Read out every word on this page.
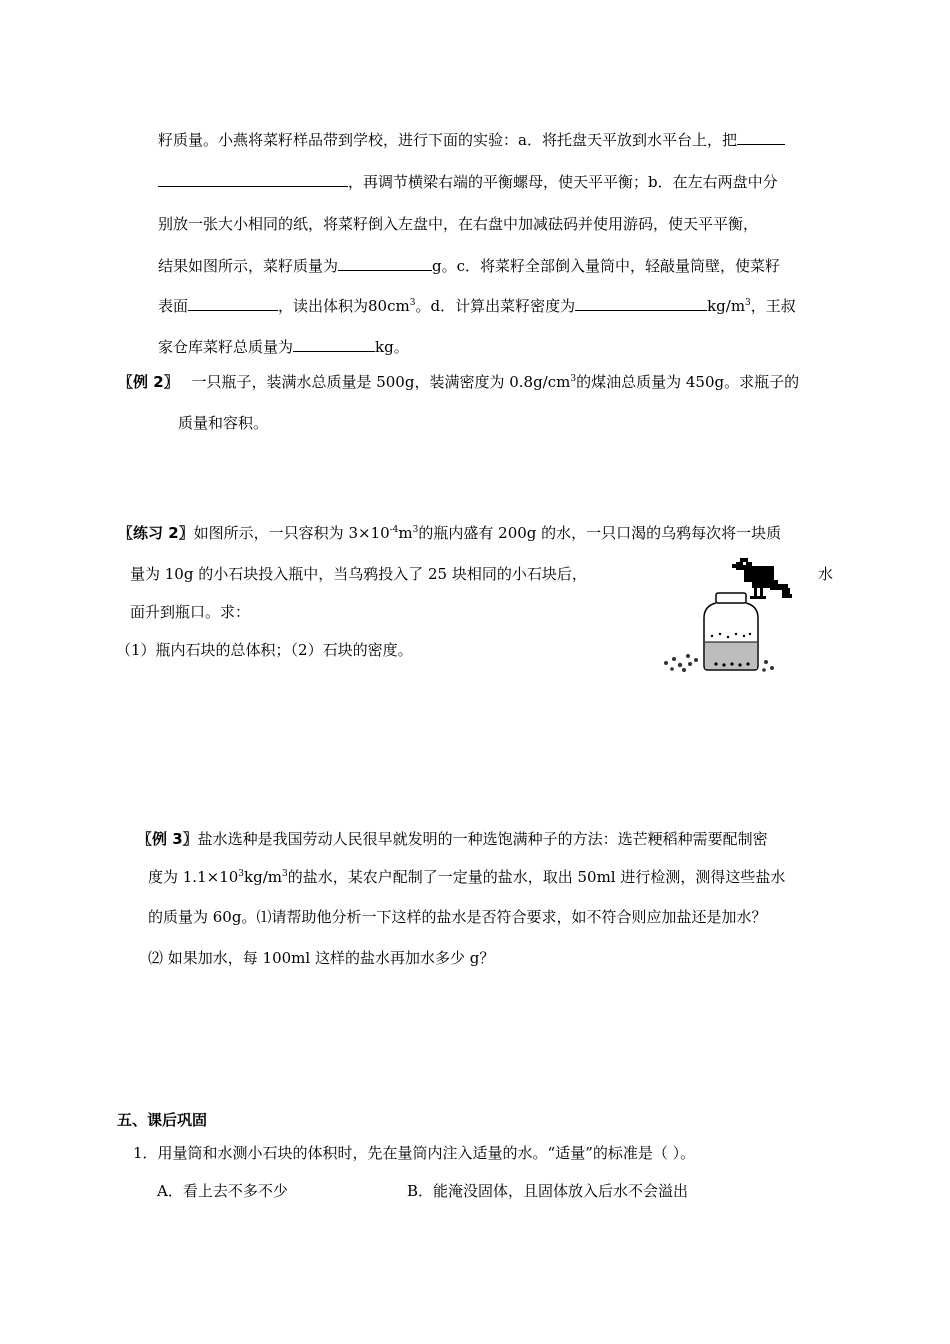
籽质量。小燕将菜籽样品带到学校，进行下面的实验：a．将托盘天平放到水平台上，把
，再调节横梁右端的平衡螺母，使天平平衡；b．在左右两盘中分
别放一张大小相同的纸，将菜籽倒入左盘中，在右盘中加减砝码并使用游码，使天平平衡，
结果如图所示，菜籽质量为	g。c．将菜籽全部倒入量筒中，轻敲量筒壁，使菜籽
表面	，读出体积为$80cm^3$。d．计算出菜籽密度为	$kg/m^3$，王叔
家仓库菜籽总质量为	kg。
〖例 2〗 一只瓶子，装满水总质量是 500g，装满密度为 $0.8g/cm^3$的煤油总质量为 450g。求瓶子的
质量和容积。
〖练习 2〗如图所示，一只容积为 $3\times 10^{-4}m^3$的瓶内盛有 200g 的水，一只口渴的乌鸦每次将一块质
量为 10g 的小石块投入瓶中，当乌鸦投入了 25 块相同的小石块后，	水
面升到瓶口。求：
（1）瓶内石块的总体积；（2）石块的密度。
〖例 3〗盐水选种是我国劳动人民很早就发明的一种选饱满种子的方法：选芒粳稻种需要配制密
度为 $1.1\times 10^3kg/m^3$的盐水，某农户配制了一定量的盐水，取出 50ml 进行检测，测得这些盐水
的质量为 60g。⑴请帮助他分析一下这样的盐水是否符合要求，如不符合则应加盐还是加水？
⑵ 如果加水，每 100ml 这样的盐水再加水多少 g？
五、课后巩固
1．用量筒和水测小石块的体积时，先在量筒内注入适量的水。“适量”的标准是（ ）。
A．看上去不多不少	B．能淹没固体，且固体放入后水不会溢出
